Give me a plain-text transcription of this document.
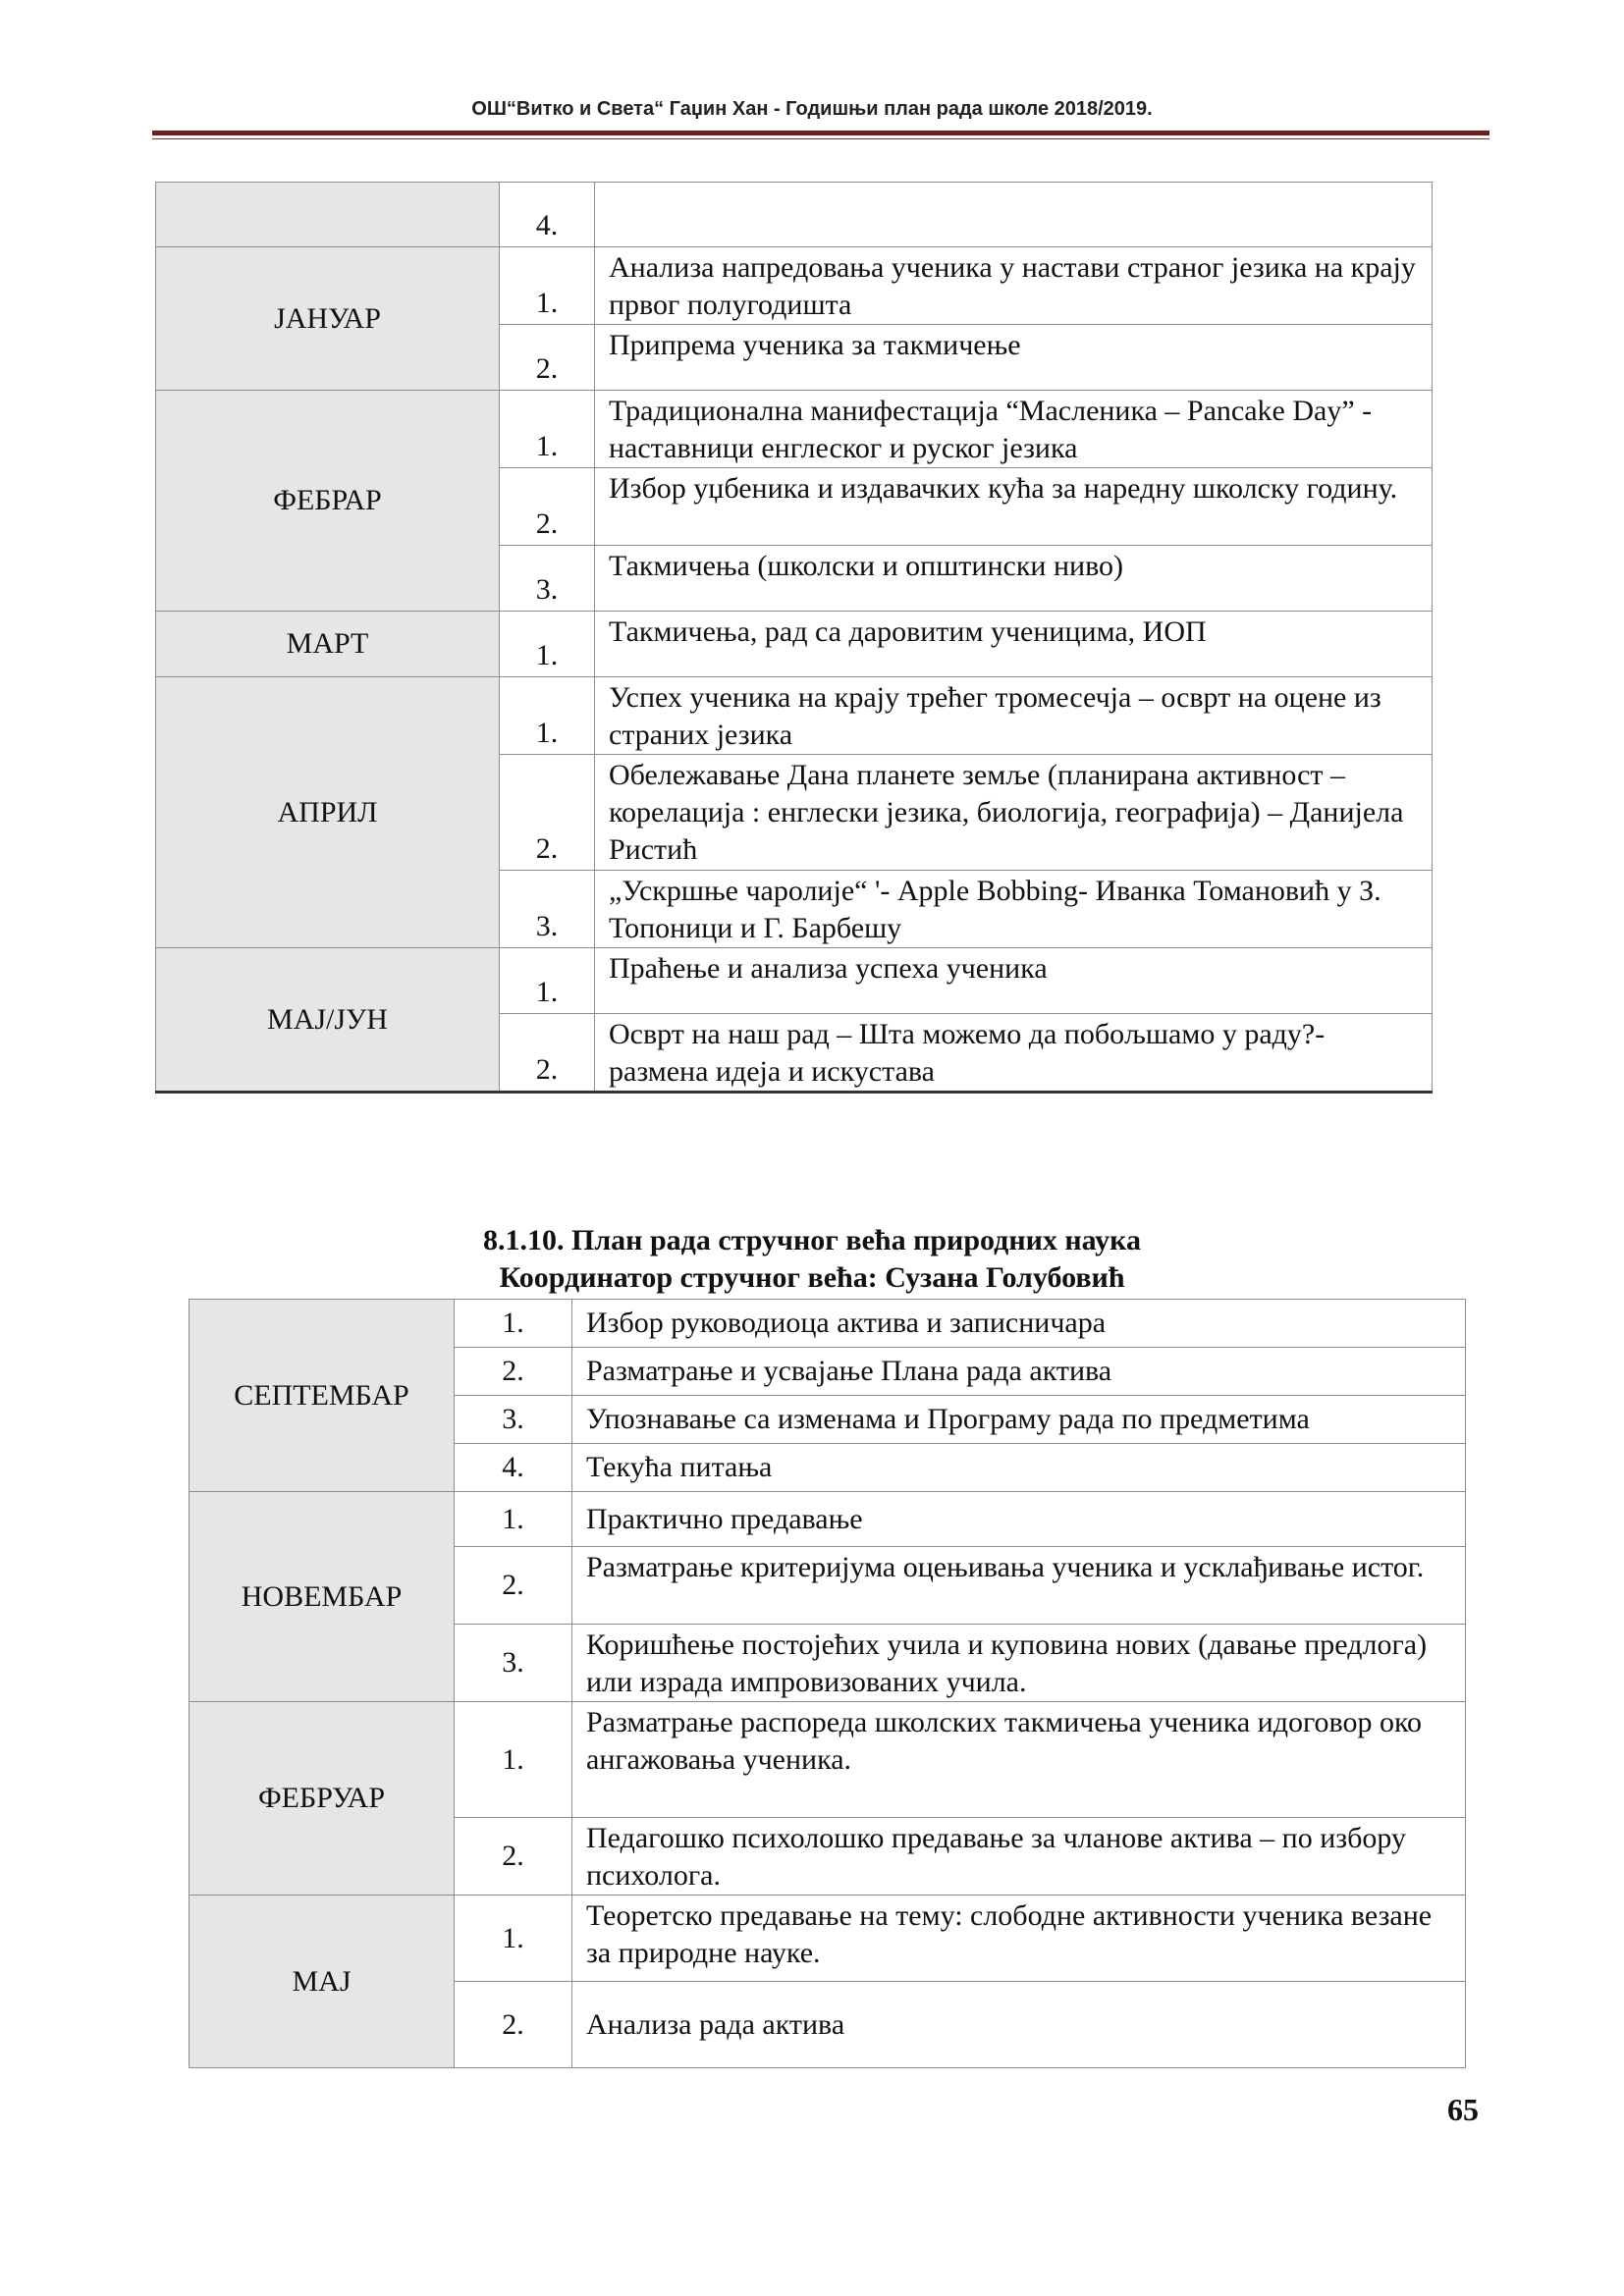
ОШ“Витко и Света“ Гаџин Хан - Годишњи план рада школе 2018/2019.
	4.	
ЈАНУАР	1.	Анализа напредовања ученика у настави страног језика на крају првог полугодишта
	2.	Припрема ученика за такмичење
ФЕБРАР	1.	Традиционална манифестација “Масленика – Pancake Day” - наставници енглеског и руског језика
	2.	Избор уџбеника и издавачких кућа за наредну школску годину.
	3.	Такмичења (школски и општински ниво)
МАРТ	1.	Такмичења, рад са даровитим ученицима, ИОП
АПРИЛ	1.	Успех ученика на крају трећег тромесечја – осврт на оцене из страних језика
	2.	Обележавање Дана планете земље (планирана активност – корелација : енглески језика, биологија, географија) – Данијела Ристић
	3.	„Ускршње чаролије“ '- Apple Bobbing- Иванка Томановић у З. Топоници и Г. Барбешу
МАЈ/ЈУН	1.	Праћење и анализа успеха ученика
	2.	Осврт на наш рад – Шта можемо да побољшамо у раду?- размена идеја и искустава
8.1.10. План рада стручног већа природних наука
Координатор стручног већа: Сузана Голубовић
СЕПТЕМБАР	1.	Избор руководиоца актива и записничара
	2.	Разматрање и усвајање Плана рада актива
	3.	Упознавање са изменама и Програму рада по предметима
	4.	Текућа питања
НОВЕМБАР	1.	Практично предавање
	2.	Разматрање критеријума оцењивања ученика и усклађивање истог.
	3.	Коришћење постојећих учила и куповина нових (давање предлога) или израда импровизованих учила.
ФЕБРУАР	1.	Разматрање распореда школских такмичења ученика идоговор око ангажовања ученика.
	2.	Педагошко психолошко предавање за чланове актива – по избору психолога.
МАЈ	1.	Теоретско предавање на тему: слободне активности ученика везане за природне науке.
	2.	Анализа рада актива
65
